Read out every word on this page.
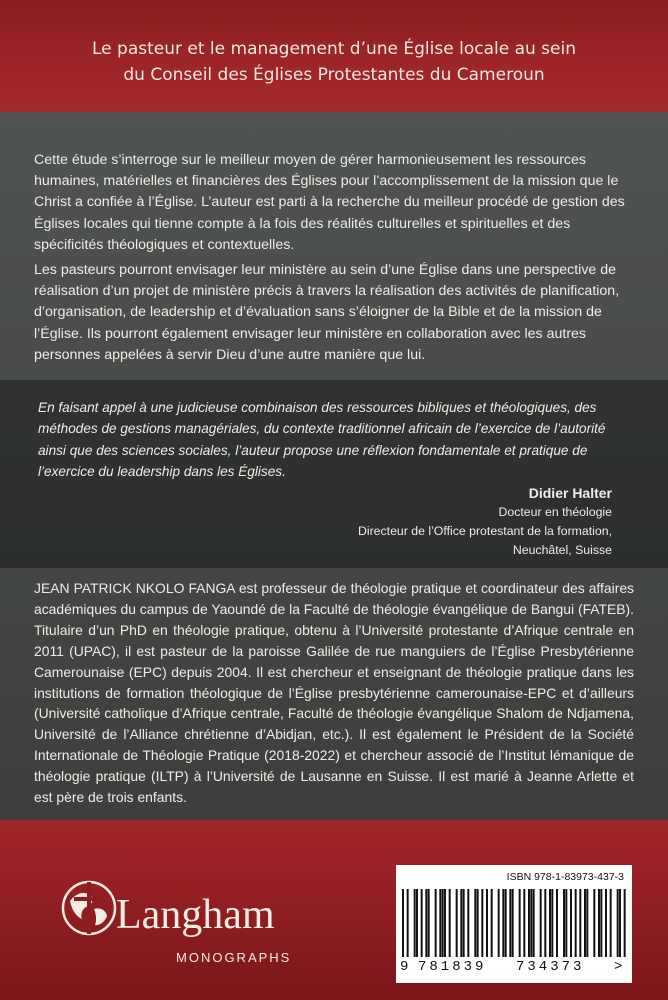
Le pasteur et le management d’une Église locale au sein
du Conseil des Églises Protestantes du Cameroun

Cette étude s’interroge sur le meilleur moyen de gérer harmonieusement les ressources humaines, matérielles et financières des Églises pour l’accomplissement de la mission que le Christ a confiée à l’Église. L’auteur est parti à la recherche du meilleur procédé de gestion des Églises locales qui tienne compte à la fois des réalités culturelles et spirituelles et des spécificités théologiques et contextuelles.

Les pasteurs pourront envisager leur ministère au sein d’une Église dans une perspective de réalisation d’un projet de ministère précis à travers la réalisation des activités de planification, d’organisation, de leadership et d’évaluation sans s’éloigner de la Bible et de la mission de l’Église. Ils pourront également envisager leur ministère en collaboration avec les autres personnes appelées à servir Dieu d’une autre manière que lui.

En faisant appel à une judicieuse combinaison des ressources bibliques et théologiques, des méthodes de gestions managériales, du contexte traditionnel africain de l’exercice de l’autorité ainsi que des sciences sociales, l’auteur propose une réflexion fondamentale et pratique de l’exercice du leadership dans les Églises.

Didier Halter
Docteur en théologie
Directeur de l’Office protestant de la formation,
Neuchâtel, Suisse

JEAN PATRICK NKOLO FANGA est professeur de théologie pratique et coordinateur des affaires académiques du campus de Yaoundé de la Faculté de théologie évangélique de Bangui (FATEB). Titulaire d’un PhD en théologie pratique, obtenu à l’Université protestante d’Afrique centrale en 2011 (UPAC), il est pasteur de la paroisse Galilée de rue manguiers de l’Église Presbytérienne Camerounaise (EPC) depuis 2004. Il est chercheur et enseignant de théologie pratique dans les institutions de formation théologique de l’Église presbytérienne camerounaise-EPC et d’ailleurs (Université catholique d’Afrique centrale, Faculté de théologie évangélique Shalom de Ndjamena, Université de l’Alliance chrétienne d’Abidjan, etc.). Il est également le Président de la Société Internationale de Théologie Pratique (2018-2022) et chercheur associé de l’Institut lémanique de théologie pratique (ILTP) à l’Université de Lausanne en Suisse. Il est marié à Jeanne Arlette et est père de trois enfants.

Langham
MONOGRAPHS
ISBN 978-1-83973-437-3
9 781839 734373 >
